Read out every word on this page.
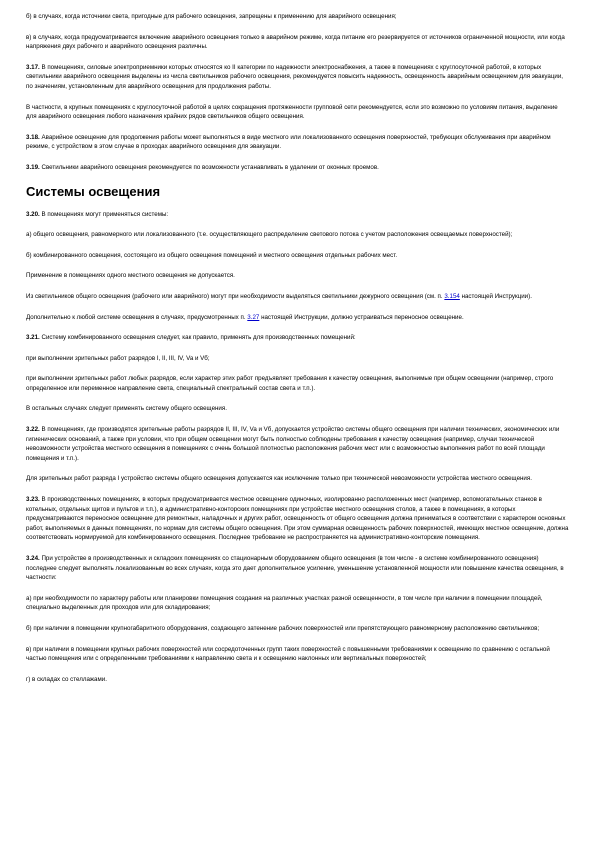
б) в случаях, когда источники света, пригодные для рабочего освещения, запрещены к применению для аварийного освещения;

в) в случаях, когда предусматривается включение аварийного освещения только в аварийном режиме, когда питание его резервируется от источников ограниченной мощности, или когда напряжения двух рабочего и аварийного освещения различны.

3.17. В помещениях, силовые электроприемники которых относятся ко II категории по надежности электроснабжения, а также в помещениях с круглосуточной работой, в которых светильники аварийного освещения выделены из числа светильников рабочего освещения, рекомендуется повысить надежность, освещенность аварийным освещением для эвакуации, по значениям, установленным для аварийного освещения для продолжения работы.

В частности, в крупных помещениях с круглосуточной работой в целях сокращения протяженности групповой сети рекомендуется, если это возможно по условиям питания, выделение для аварийного освещения любого назначения крайних рядов светильников общего освещения.

3.18. Аварийное освещение для продолжения работы может выполняться в виде местного или локализованного освещения поверхностей, требующих обслуживания при аварийном режиме, с устройством в этом случае в проходах аварийного освещения для эвакуации.

3.19. Светильники аварийного освещения рекомендуется по возможности устанавливать в удалении от оконных проемов.

Системы освещения

3.20. В помещениях могут применяться системы:

а) общего освещения, равномерного или локализованного (т.е. осуществляющего распределение светового потока с учетом расположения освещаемых поверхностей);

б) комбинированного освещения, состоящего из общего освещения помещений и местного освещения отдельных рабочих мест.

Применение в помещениях одного местного освещения не допускается.

Из светильников общего освещения (рабочего или аварийного) могут при необходимости выделяться светильники дежурного освещения (см. п. 3.154 настоящей Инструкции).

Дополнительно к любой системе освещения в случаях, предусмотренных п. 3.27 настоящей Инструкции, должно устраиваться переносное освещение.

3.21. Систему комбинированного освещения следует, как правило, применять для производственных помещений:

при выполнении зрительных работ разрядов I, II, III, IV, Va и Vб;

при выполнении зрительных работ любых разрядов, если характер этих работ предъявляет требования к качеству освещения, выполнимые при общем освещении (например, строго определенное или переменное направление света, специальный спектральный состав света и т.п.).

В остальных случаях следует применять систему общего освещения.

3.22. В помещениях, где производятся зрительные работы разрядов II, III, IV, Va и Vб, допускается устройство системы общего освещения при наличии технических, экономических или гигиенических оснований, а также при условии, что при общем освещении могут быть полностью соблюдены требования к качеству освещения (например, случаи технической невозможности устройства местного освещения в помещениях с очень большой плотностью расположения рабочих мест или с возможностью выполнения работ по всей площади помещения и т.п.).

Для зрительных работ разряда I устройство системы общего освещения допускается как исключение только при технической невозможности устройства местного освещения.

3.23. В производственных помещениях, в которых предусматривается местное освещение одиночных, изолированно расположенных мест (например, вспомогательных станков в котельных, отдельных щитов и пультов и т.п.), в административно-конторских помещениях при устройстве местного освещения столов, а также в помещениях, в которых предусматриваются переносное освещение для ремонтных, наладочных и других работ, освещенность от общего освещения должна приниматься в соответствии с характером основных работ, выполняемых в данных помещениях, по нормам для системы общего освещения. При этом суммарная освещенность рабочих поверхностей, имеющих местное освещение, должна соответствовать нормируемой для комбинированного освещения. Последнее требование не распространяется на административно-конторские помещения.

3.24. При устройстве в производственных и складских помещениях со стационарным оборудованием общего освещения (в том числе - в системе комбинированного освещения) последнее следует выполнять локализованным во всех случаях, когда это дает дополнительное усиление, уменьшение установленной мощности или повышение качества освещения, в частности:

а) при необходимости по характеру работы или планировки помещения создания на различных участках разной освещенности, в том числе при наличии в помещении площадей, специально выделенных для проходов или для складирования;

б) при наличии в помещении крупногабаритного оборудования, создающего затенение рабочих поверхностей или препятствующего равномерному расположению светильников;

в) при наличии в помещении крупных рабочих поверхностей или сосредоточенных групп таких поверхностей с повышенными требованиями к освещению по сравнению с остальной частью помещения или с определенными требованиями к направлению света и к освещению наклонных или вертикальных поверхностей;

г) в складах со стеллажами.
